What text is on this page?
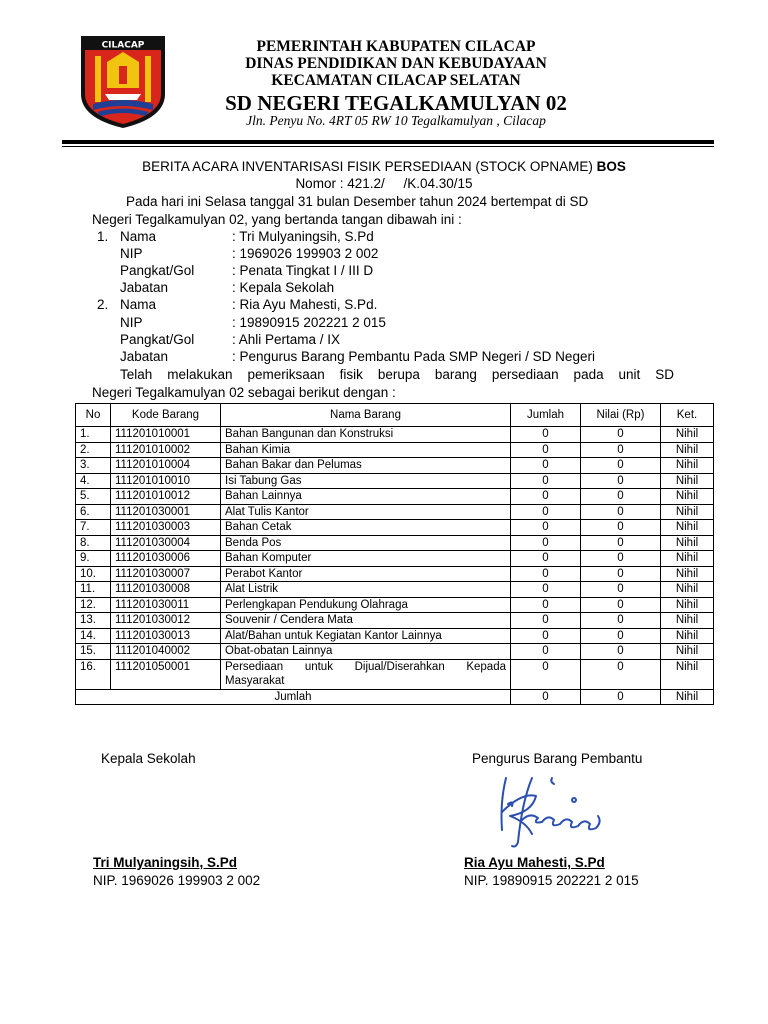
CILACAP	PEMERINTAH KABUPATEN CILACAP
DINAS PENDIDIKAN DAN KEBUDAYAAN
KECAMATAN CILACAP SELATAN
SD NEGERI TEGALKAMULYAN 02
Jln. Penyu No. 4RT 05 RW 10 Tegalkamulyan , Cilacap
BERITA ACARA INVENTARISASI FISIK PERSEDIAAN (STOCK OPNAME) BOS
Nomor : 421.2/     /K.04.30/15
Pada hari ini Selasa tanggal 31 bulan Desember tahun 2024 bertempat di SD
Negeri Tegalkamulyan 02, yang bertanda tangan dibawah ini :
1. Nama	: Tri Mulyaningsih, S.Pd
NIP	: 1969026 199903 2 002
Pangkat/Gol	: Penata Tingkat I / III D
Jabatan	: Kepala Sekolah
2. Nama	: Ria Ayu Mahesti, S.Pd.
NIP	: 19890915 202221 2 015
Pangkat/Gol	: Ahli Pertama / IX
Jabatan	: Pengurus Barang Pembantu Pada SMP Negeri / SD Negeri
Telah melakukan pemeriksaan fisik berupa barang persediaan pada unit SD
Negeri Tegalkamulyan 02 sebagai berikut dengan :
No	Kode Barang	Nama Barang	Jumlah	Nilai (Rp)	Ket.
1.	111201010001	Bahan Bangunan dan Konstruksi	0	0	Nihil
2.	111201010002	Bahan Kimia	0	0	Nihil
3.	111201010004	Bahan Bakar dan Pelumas	0	0	Nihil
4.	111201010010	Isi Tabung Gas	0	0	Nihil
5.	111201010012	Bahan Lainnya	0	0	Nihil
6.	111201030001	Alat Tulis Kantor	0	0	Nihil
7.	111201030003	Bahan Cetak	0	0	Nihil
8.	111201030004	Benda Pos	0	0	Nihil
9.	111201030006	Bahan Komputer	0	0	Nihil
10.	111201030007	Perabot Kantor	0	0	Nihil
11.	111201030008	Alat Listrik	0	0	Nihil
12.	111201030011	Perlengkapan Pendukung Olahraga	0	0	Nihil
13.	111201030012	Souvenir / Cendera Mata	0	0	Nihil
14.	111201030013	Alat/Bahan untuk Kegiatan Kantor Lainnya	0	0	Nihil
15.	111201040002	Obat-obatan Lainnya	0	0	Nihil
16.	111201050001	Persediaan untuk Dijual/Diserahkan Kepada Masyarakat	0	0	Nihil
Jumlah			0	0	Nihil
Kepala Sekolah	Pengurus Barang Pembantu
Tri Mulyaningsih, S.Pd	Ria Ayu Mahesti, S.Pd
NIP. 1969026 199903 2 002	NIP. 19890915 202221 2 015
